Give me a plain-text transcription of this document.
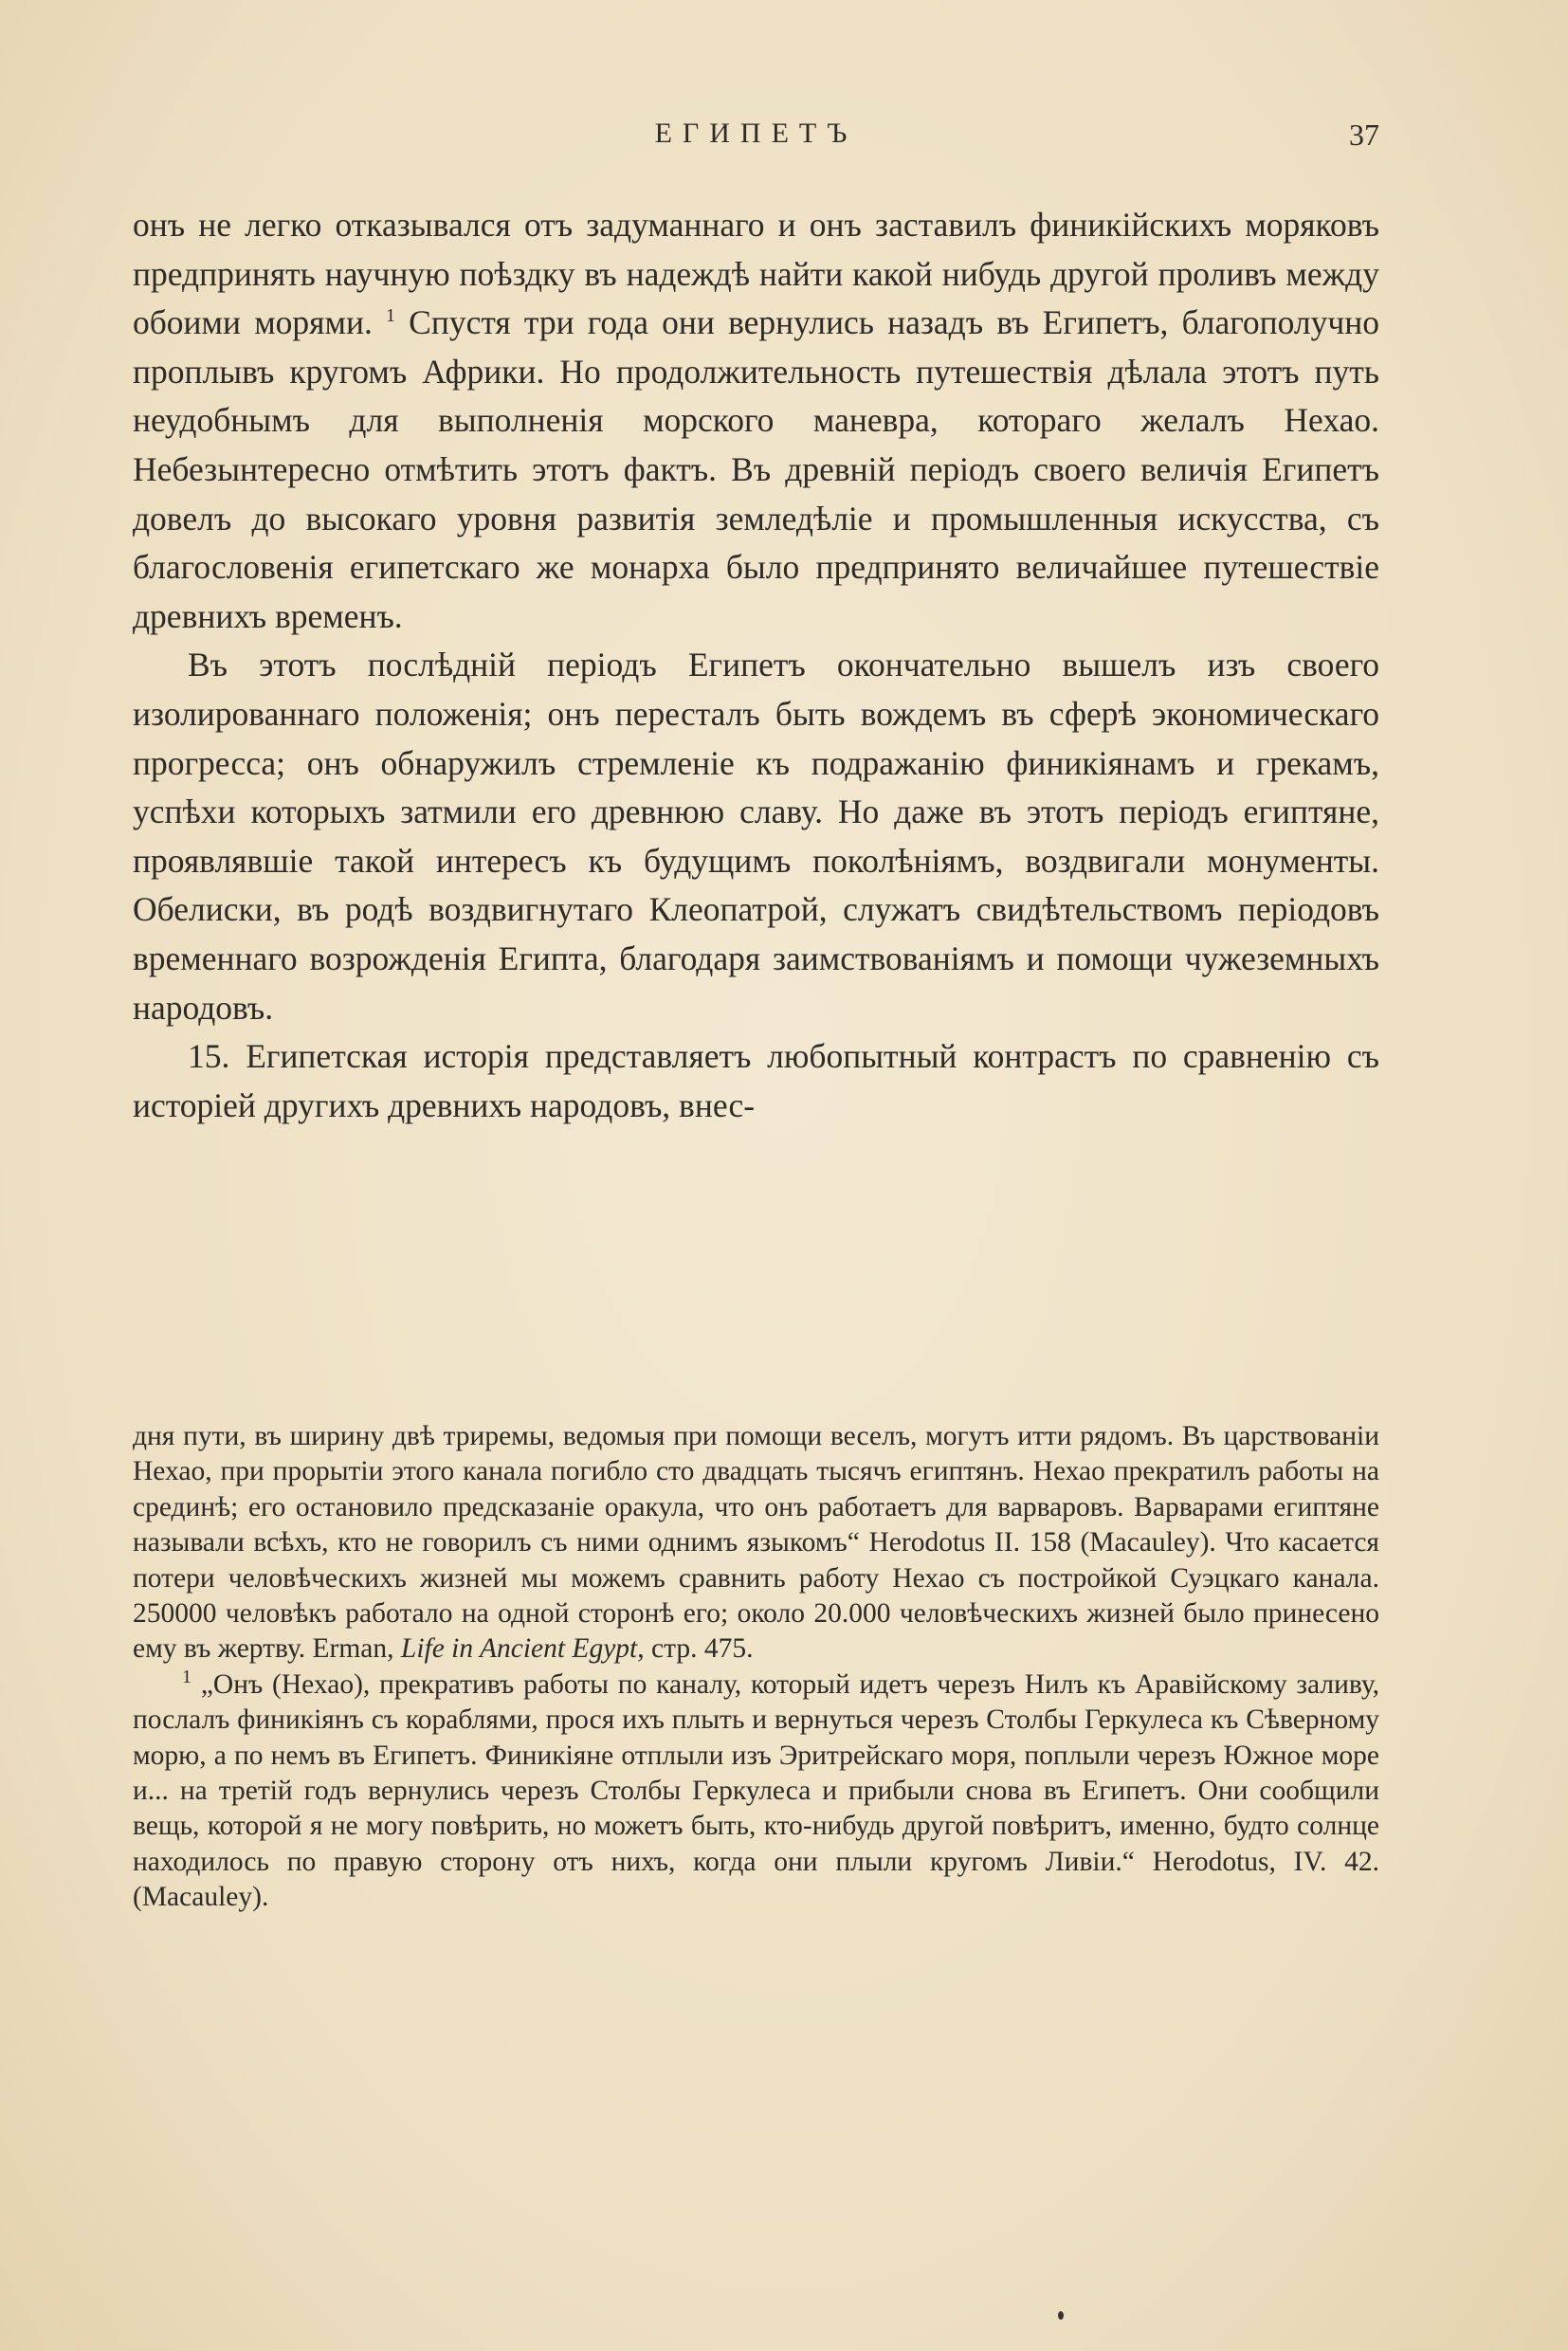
ЕГИПЕТЪ	37

онъ не легко отказывался отъ задуманнаго и онъ заставилъ финикійскихъ моряковъ предпринять научную поѣздку въ надеждѣ найти какой нибудь другой проливъ между обоими морями. $^1$ Спустя три года они вернулись назадъ въ Египетъ, благополучно проплывъ кругомъ Африки. Но продолжительность путешествія дѣлала этотъ путь неудобнымъ для выполненія морского маневра, котораго желалъ Нехао. Небезынтересно отмѣтить этотъ фактъ. Въ древній періодъ своего величія Египетъ довелъ до высокаго уровня развитія земледѣліе и промышленныя искусства, съ благословенія египетскаго же монарха было предпринято величайшее путешествіе древнихъ временъ.

Въ этотъ послѣдній періодъ Египетъ окончательно вышелъ изъ своего изолированнаго положенія; онъ пересталъ быть вождемъ въ сферѣ экономическаго прогресса; онъ обнаружилъ стремленіе къ подражанію финикіянамъ и грекамъ, успѣхи которыхъ затмили его древнюю славу. Но даже въ этотъ періодъ египтяне, проявлявшіе такой интересъ къ будущимъ поколѣніямъ, воздвигали монументы. Обелиски, въ родѣ воздвигнутаго Клеопатрой, служатъ свидѣтельствомъ періодовъ временнаго возрожденія Египта, благодаря заимствованіямъ и помощи чужеземныхъ народовъ.

15. Египетская исторія представляетъ любопытный контрастъ по сравненію съ исторіей другихъ древнихъ народовъ, внес-

дня пути, въ ширину двѣ триремы, ведомыя при помощи веселъ, могутъ итти рядомъ. Въ царствованіи Нехао, при прорытіи этого канала погибло сто двадцать тысячъ египтянъ. Нехао прекратилъ работы на срединѣ; его остановило предсказаніе оракула, что онъ работаетъ для варваровъ. Варварами египтяне называли всѣхъ, кто не говорилъ съ ними однимъ языкомъ“ Herodotus II. 158 (Macauley). Что касается потери человѣческихъ жизней мы можемъ сравнить работу Нехао съ постройкой Суэцкаго канала. 250000 человѣкъ работало на одной сторонѣ его; около 20.000 человѣческихъ жизней было принесено ему въ жертву. Erman, Life in Ancient Egypt, стр. 475.

$^1$ „Онъ (Нехао), прекративъ работы по каналу, который идетъ черезъ Нилъ къ Аравійскому заливу, послалъ финикіянъ съ кораблями, прося ихъ плыть и вернуться черезъ Столбы Геркулеса къ Сѣверному морю, а по немъ въ Египетъ. Финикіяне отплыли изъ Эритрейскаго моря, поплыли черезъ Южное море и... на третій годъ вернулись черезъ Столбы Геркулеса и прибыли снова въ Египетъ. Они сообщили вещь, которой я не могу повѣрить, но можетъ быть, кто-нибудь другой повѣритъ, именно, будто солнце находилось по правую сторону отъ нихъ, когда они плыли кругомъ Ливіи.“ Herodotus, IV. 42. (Macauley).
